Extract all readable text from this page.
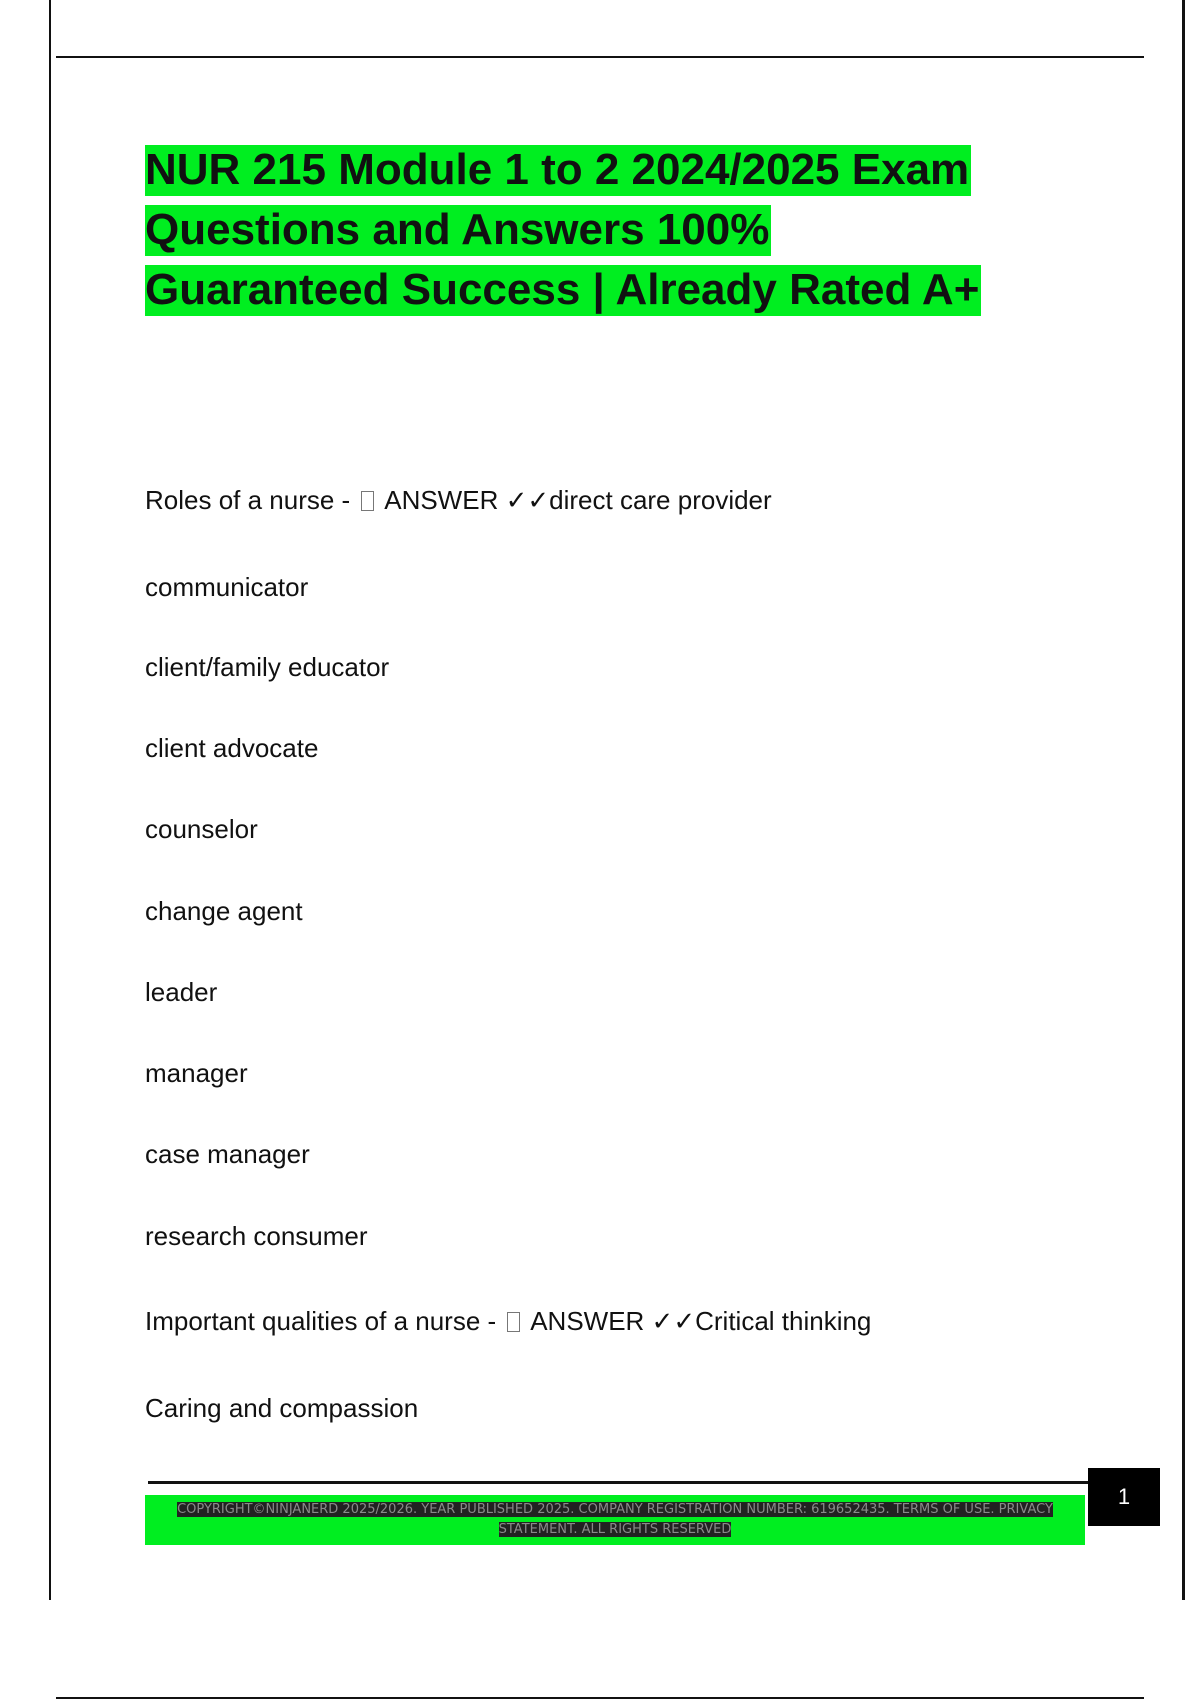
NUR 215 Module 1 to 2 2024/2025 Exam
Questions and Answers 100%
Guaranteed Success | Already Rated A+
Roles of a nurse -  ANSWER ✓✓direct care provider
communicator
client/family educator
client advocate
counselor
change agent
leader
manager
case manager
research consumer
Important qualities of a nurse -  ANSWER ✓✓Critical thinking
Caring and compassion
1
COPYRIGHT©NINJANERD 2025/2026. YEAR PUBLISHED 2025. COMPANY REGISTRATION NUMBER: 619652435. TERMS OF USE. PRIVACY
STATEMENT. ALL RIGHTS RESERVED
